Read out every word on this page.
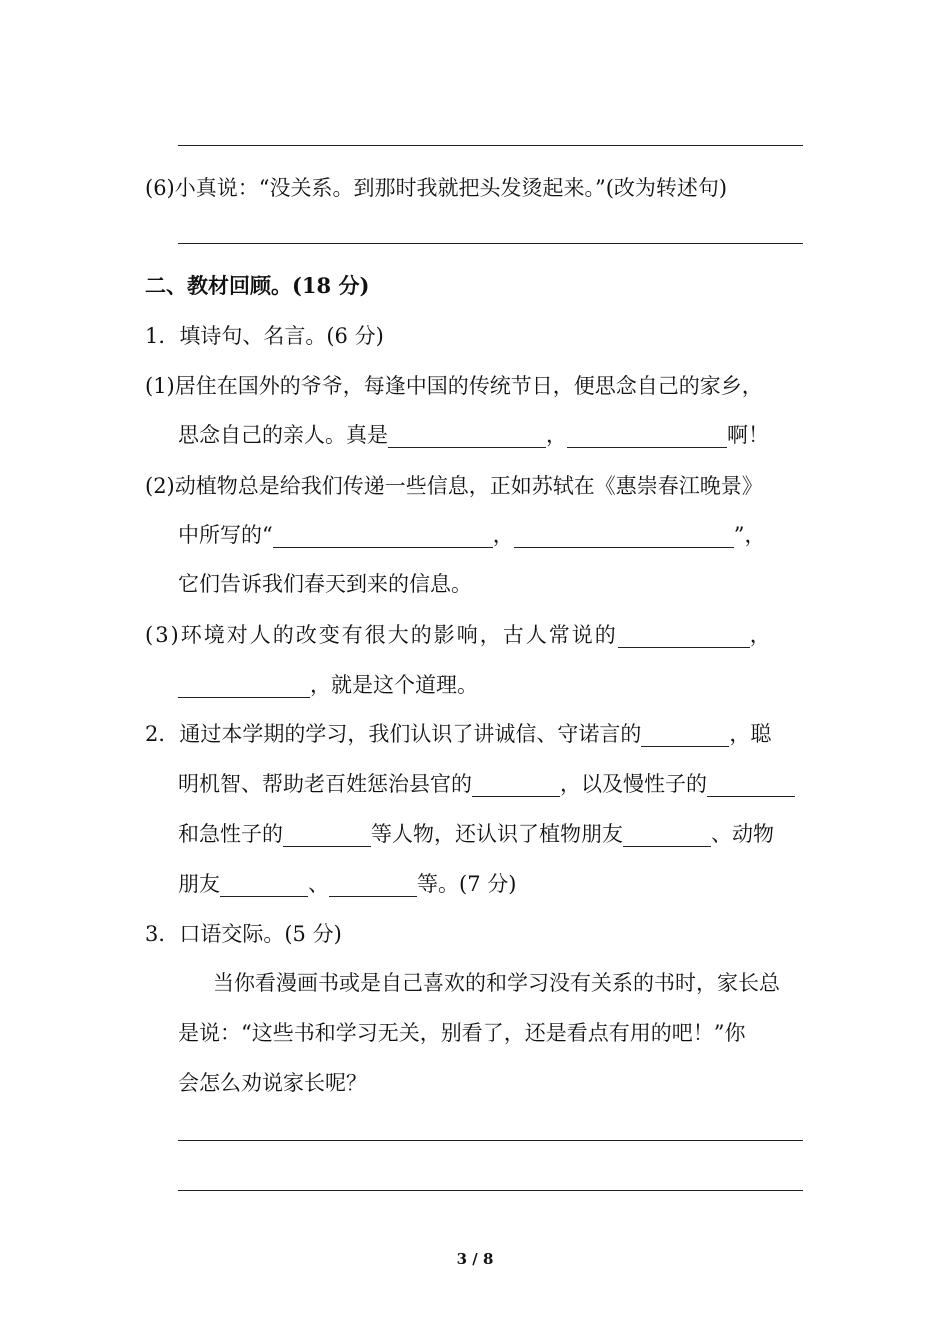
(6)小真说：“没关系。到那时我就把头发烫起来。”(改为转述句)
二、教材回顾。(18 分)
1．填诗句、名言。(6 分)
(1)居住在国外的爷爷，每逢中国的传统节日，便思念自己的家乡，
思念自己的亲人。真是	，	啊！
(2)动植物总是给我们传递一些信息，正如苏轼在《惠崇春江晚景》
中所写的“	，	”，
它们告诉我们春天到来的信息。
(3)环境对人的改变有很大的影响，古人常说的	，
，就是这个道理。
2．通过本学期的学习，我们认识了讲诚信、守诺言的	，聪
明机智、帮助老百姓惩治县官的	，以及慢性子的
和急性子的	等人物，还认识了植物朋友	、动物
朋友	、	等。(7 分)
3．口语交际。(5 分)
当你看漫画书或是自己喜欢的和学习没有关系的书时，家长总
是说：“这些书和学习无关，别看了，还是看点有用的吧！”你
会怎么劝说家长呢？
3 / 8
